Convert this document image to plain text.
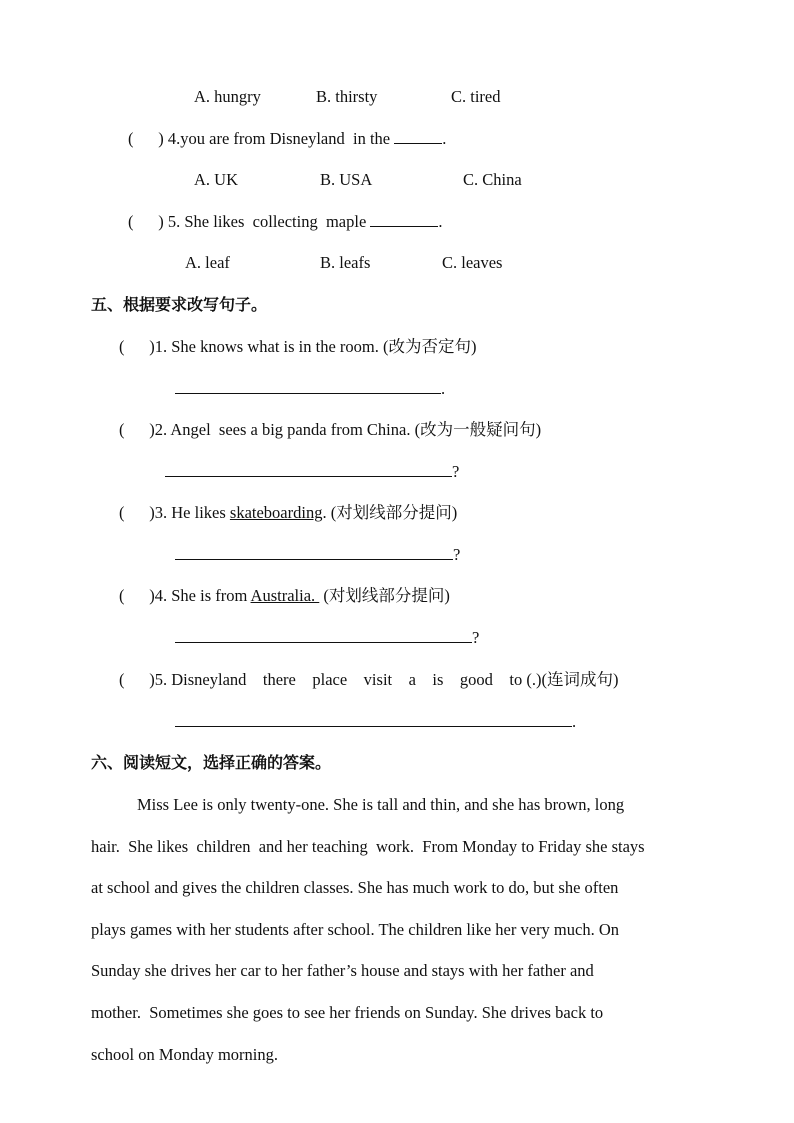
A. hungry	B. thirsty	C. tired
(      ) 4.you are from Disneyland  in the	.
A. UK	B. USA	C. China
(      ) 5. She likes  collecting  maple	.
A. leaf	B. leafs	C. leaves
五、根据要求改写句子。
(      )1. She knows what is in the room. (改为否定句)
.
(      )2. Angel  sees a big panda from China. (改为一般疑问句)
?
(      )3. He likes skateboarding. (对划线部分提问)
?
(      )4. She is from Australia.  (对划线部分提问)
?
(      )5. Disneyland    there    place    visit    a    is    good    to (.)(连词成句)
.
六、阅读短文，选择正确的答案。
Miss Lee is only twenty-one. She is tall and thin, and she has brown, long
hair.  She likes  children  and her teaching  work.  From Monday to Friday she stays
at school and gives the children classes. She has much work to do, but she often
plays games with her students after school. The children like her very much. On
Sunday she drives her car to her father’s house and stays with her father and
mother.  Sometimes she goes to see her friends on Sunday. She drives back to
school on Monday morning.
